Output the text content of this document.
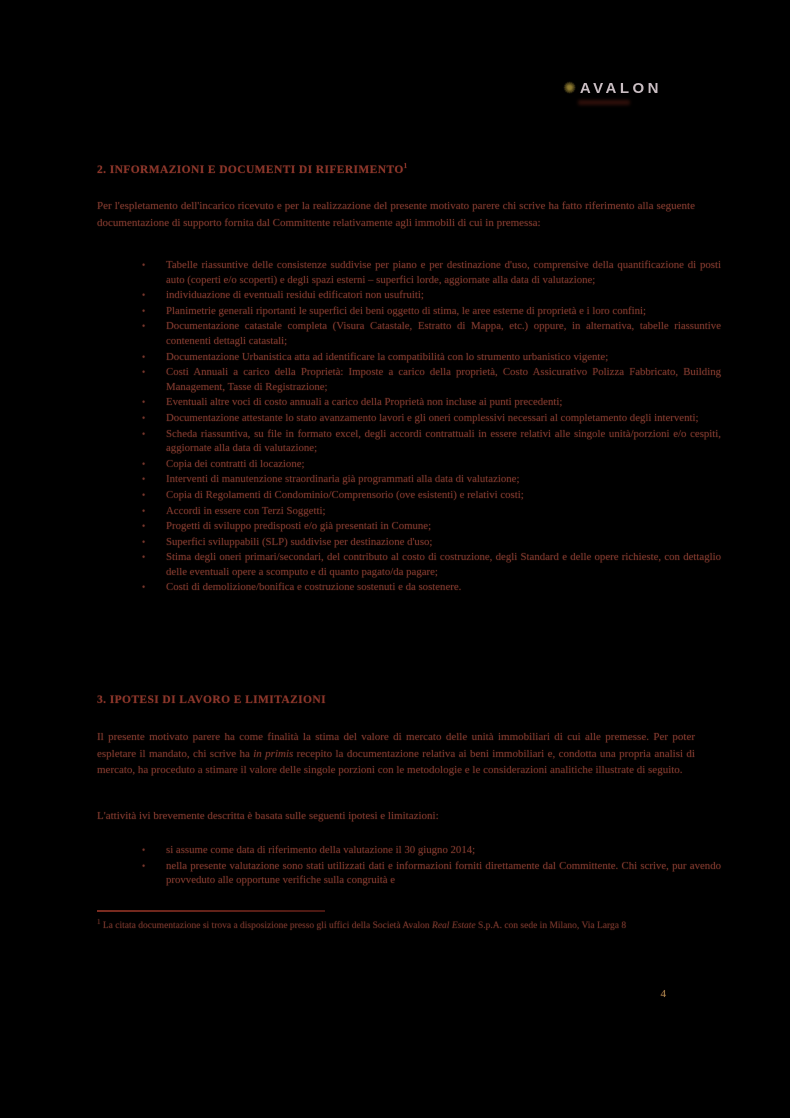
✺ AVALON
2. INFORMAZIONI E DOCUMENTI DI RIFERIMENTO$^1$

Per l'espletamento dell'incarico ricevuto e per la realizzazione del presente motivato parere chi scrive ha fatto riferimento alla seguente documentazione di supporto fornita dal Committente relativamente agli immobili di cui in premessa:

• Tabelle riassuntive delle consistenze suddivise per piano e per destinazione d'uso, comprensive della quantificazione di posti auto (coperti e/o scoperti) e degli spazi esterni – superfici lorde, aggiornate alla data di valutazione;
• individuazione di eventuali residui edificatori non usufruiti;
• Planimetrie generali riportanti le superfici dei beni oggetto di stima, le aree esterne di proprietà e i loro confini;
• Documentazione catastale completa (Visura Catastale, Estratto di Mappa, etc.) oppure, in alternativa, tabelle riassuntive contenenti dettagli catastali;
• Documentazione Urbanistica atta ad identificare la compatibilità con lo strumento urbanistico vigente;
• Costi Annuali a carico della Proprietà: Imposte a carico della proprietà, Costo Assicurativo Polizza Fabbricato, Building Management, Tasse di Registrazione;
• Eventuali altre voci di costo annuali a carico della Proprietà non incluse ai punti precedenti;
• Documentazione attestante lo stato avanzamento lavori e gli oneri complessivi necessari al completamento degli interventi;
• Scheda riassuntiva, su file in formato excel, degli accordi contrattuali in essere relativi alle singole unità/porzioni e/o cespiti, aggiornate alla data di valutazione;
• Copia dei contratti di locazione;
• Interventi di manutenzione straordinaria già programmati alla data di valutazione;
• Copia di Regolamenti di Condominio/Comprensorio (ove esistenti) e relativi costi;
• Accordi in essere con Terzi Soggetti;
• Progetti di sviluppo predisposti e/o già presentati in Comune;
• Superfici sviluppabili (SLP) suddivise per destinazione d'uso;
• Stima degli oneri primari/secondari, del contributo al costo di costruzione, degli Standard e delle opere richieste, con dettaglio delle eventuali opere a scomputo e di quanto pagato/da pagare;
• Costi di demolizione/bonifica e costruzione sostenuti e da sostenere.
3. IPOTESI DI LAVORO E LIMITAZIONI

Il presente motivato parere ha come finalità la stima del valore di mercato delle unità immobiliari di cui alle premesse. Per poter espletare il mandato, chi scrive ha in primis recepito la documentazione relativa ai beni immobiliari e, condotta una propria analisi di mercato, ha proceduto a stimare il valore delle singole porzioni con le metodologie e le considerazioni analitiche illustrate di seguito.

L'attività ivi brevemente descritta è basata sulle seguenti ipotesi e limitazioni:

• si assume come data di riferimento della valutazione il 30 giugno 2014;
• nella presente valutazione sono stati utilizzati dati e informazioni forniti direttamente dal Committente. Chi scrive, pur avendo provveduto alle opportune verifiche sulla congruità e

$^1$ La citata documentazione si trova a disposizione presso gli uffici della Società Avalon Real Estate S.p.A. con sede in Milano, Via Larga 8

4
